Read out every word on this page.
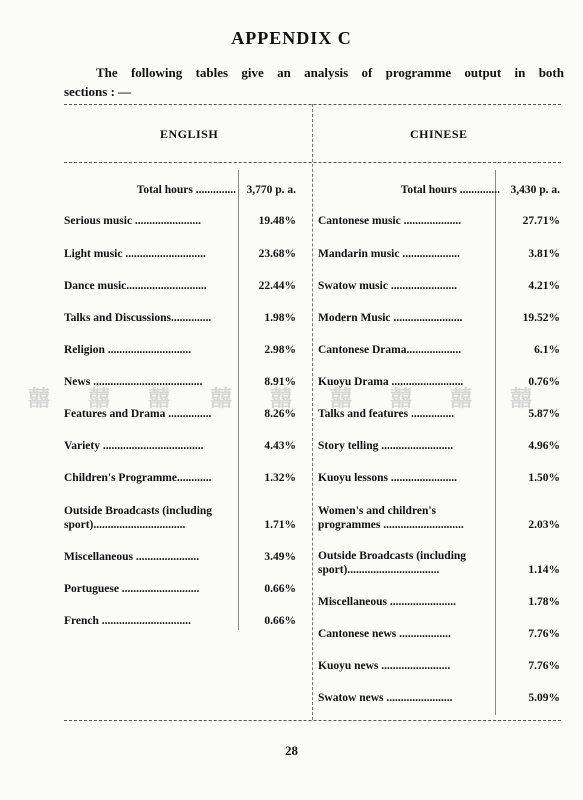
APPENDIX C
The following tables give an analysis of programme output in both
sections : —
ENGLISH	CHINESE
Total hours .............. 3,770 p. a.	Total hours .............. 3,430 p. a.
Serious music .......................	19.48%
Light music ............................	23.68%
Dance music............................	22.44%
Talks and Discussions..............	1.98%
Religion .............................	2.98%
News ......................................	8.91%
Features and Drama ...............	8.26%
Variety ...................................	4.43%
Children's Programme............	1.32%
Outside Broadcasts (including sport)................................	1.71%
Miscellaneous ......................	3.49%
Portuguese ...........................	0.66%
French ...............................	0.66%
Cantonese music ....................	27.71%
Mandarin music ....................	3.81%
Swatow music .......................	4.21%
Modern Music ........................	19.52%
Cantonese Drama...................	6.1%
Kuoyu Drama .........................	0.76%
Talks and features ...............	5.87%
Story telling .........................	4.96%
Kuoyu lessons .......................	1.50%
Women's and children's programmes ............................	2.03%
Outside Broadcasts (including sport)................................	1.14%
Miscellaneous .......................	1.78%
Cantonese news ..................	7.76%
Kuoyu news ........................	7.76%
Swatow news .......................	5.09%
囍 囍 囍 囍 囍 囍 囍 囍 囍
28
